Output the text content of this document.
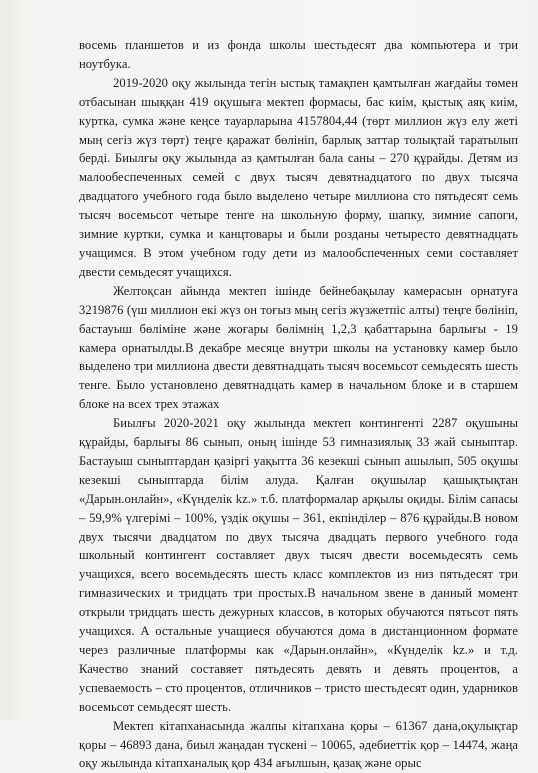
восемь планшетов и из фонда школы шестьдесят два компьютера и три ноутбука.

2019-2020 оқу жылында тегін ыстық тамақпен қамтылған жағдайы төмен отбасынан шыққан 419 оқушыға мектеп формасы, бас киім, қыстық аяқ киім, куртка, сумка және кеңсе тауарларына 4157804,44 (төрт миллион жүз елу жеті мың сегіз жүз төрт) теңге қаражат бөлініп, барлық заттар толықтай таратылып берді. Биылғы оқу жылында аз қамтылған бала саны – 270 құрайды. Детям из малообеспеченных семей с двух тысяч девятнадцатого по двух тысяча двадцатого учебного года было выделено четыре миллиона сто пятьдесят семь тысяч восемьсот четыре тенге на школьную форму, шапку, зимние сапоги, зимние куртки, сумка и канцтовары и были розданы четыресто девятнадцать учащимся. В этом учебном году дети из малообспеченных семи составляет двести семьдесят учащихся.

Желтоқсан айында мектеп ішінде бейнебақылау камерасын орнатуға 3219876 (үш миллион екі жүз он тоғыз мың сегіз жүзжетпіс алты) теңге бөлініп, бастауыш бөліміне және жоғары бөлімнің 1,2,3 қабаттарына барлығы - 19 камера орнатылды.В декабре месяце внутри школы на установку камер было выделено три миллиона двести девятнадцать тысяч восемьсот семьдесять шесть тенге. Было установлено девятнадцать камер в начальном блоке и в старшем блоке на всех трех этажах

Биылғы 2020-2021 оқу жылында мектеп контингенті 2287 оқушыны құрайды, барлығы 86 сынып, оның ішінде 53 гимназиялық 33 жай сыныптар. Бастауыш сыныптардан қазіргі уақытта 36 кезекші сынып ашылып, 505 оқушы кезекші сыныптарда білім алуда. Қалған оқушылар қашықтықтан «Дарын.онлайн», «Күнделік kz.» т.б. платформалар арқылы оқиды. Білім сапасы – 59,9% үлгерімі – 100%, үздік оқушы – 361, екпінділер – 876 құрайды.В новом двух тысячи двадцатом по двух тысяча двадцать первого учебного года школьный контингент составляет двух тысяч двести восемьдесять семь учащихся, всего восемьдесять шесть класс комплектов из низ пятьдесят три гимназических и тридцать три простых.В начальном звене в данный момент открыли тридцать шесть дежурных классов, в которых обучаются пятьсот пять учащихся. А остальные учащиеся обучаются дома в дистанционном формате через различные платформы как «Дарын.онлайн», «Күнделік kz.» и т.д. Качество знаний составяет пятьдесять девять и девять процентов, а успеваемость – сто процентов, отличников – тристо шестьдесят один, ударников восемьсот семьдесят шесть.

Мектеп кітапханасында жалпы кітапхана қоры – 61367 дана,оқулықтар қоры – 46893 дана, биыл жаңадан түскені – 10065, әдебиеттік қор – 14474, жаңа оқу жылында кітапханалық қор 434 ағылшын, қазақ және орыс
